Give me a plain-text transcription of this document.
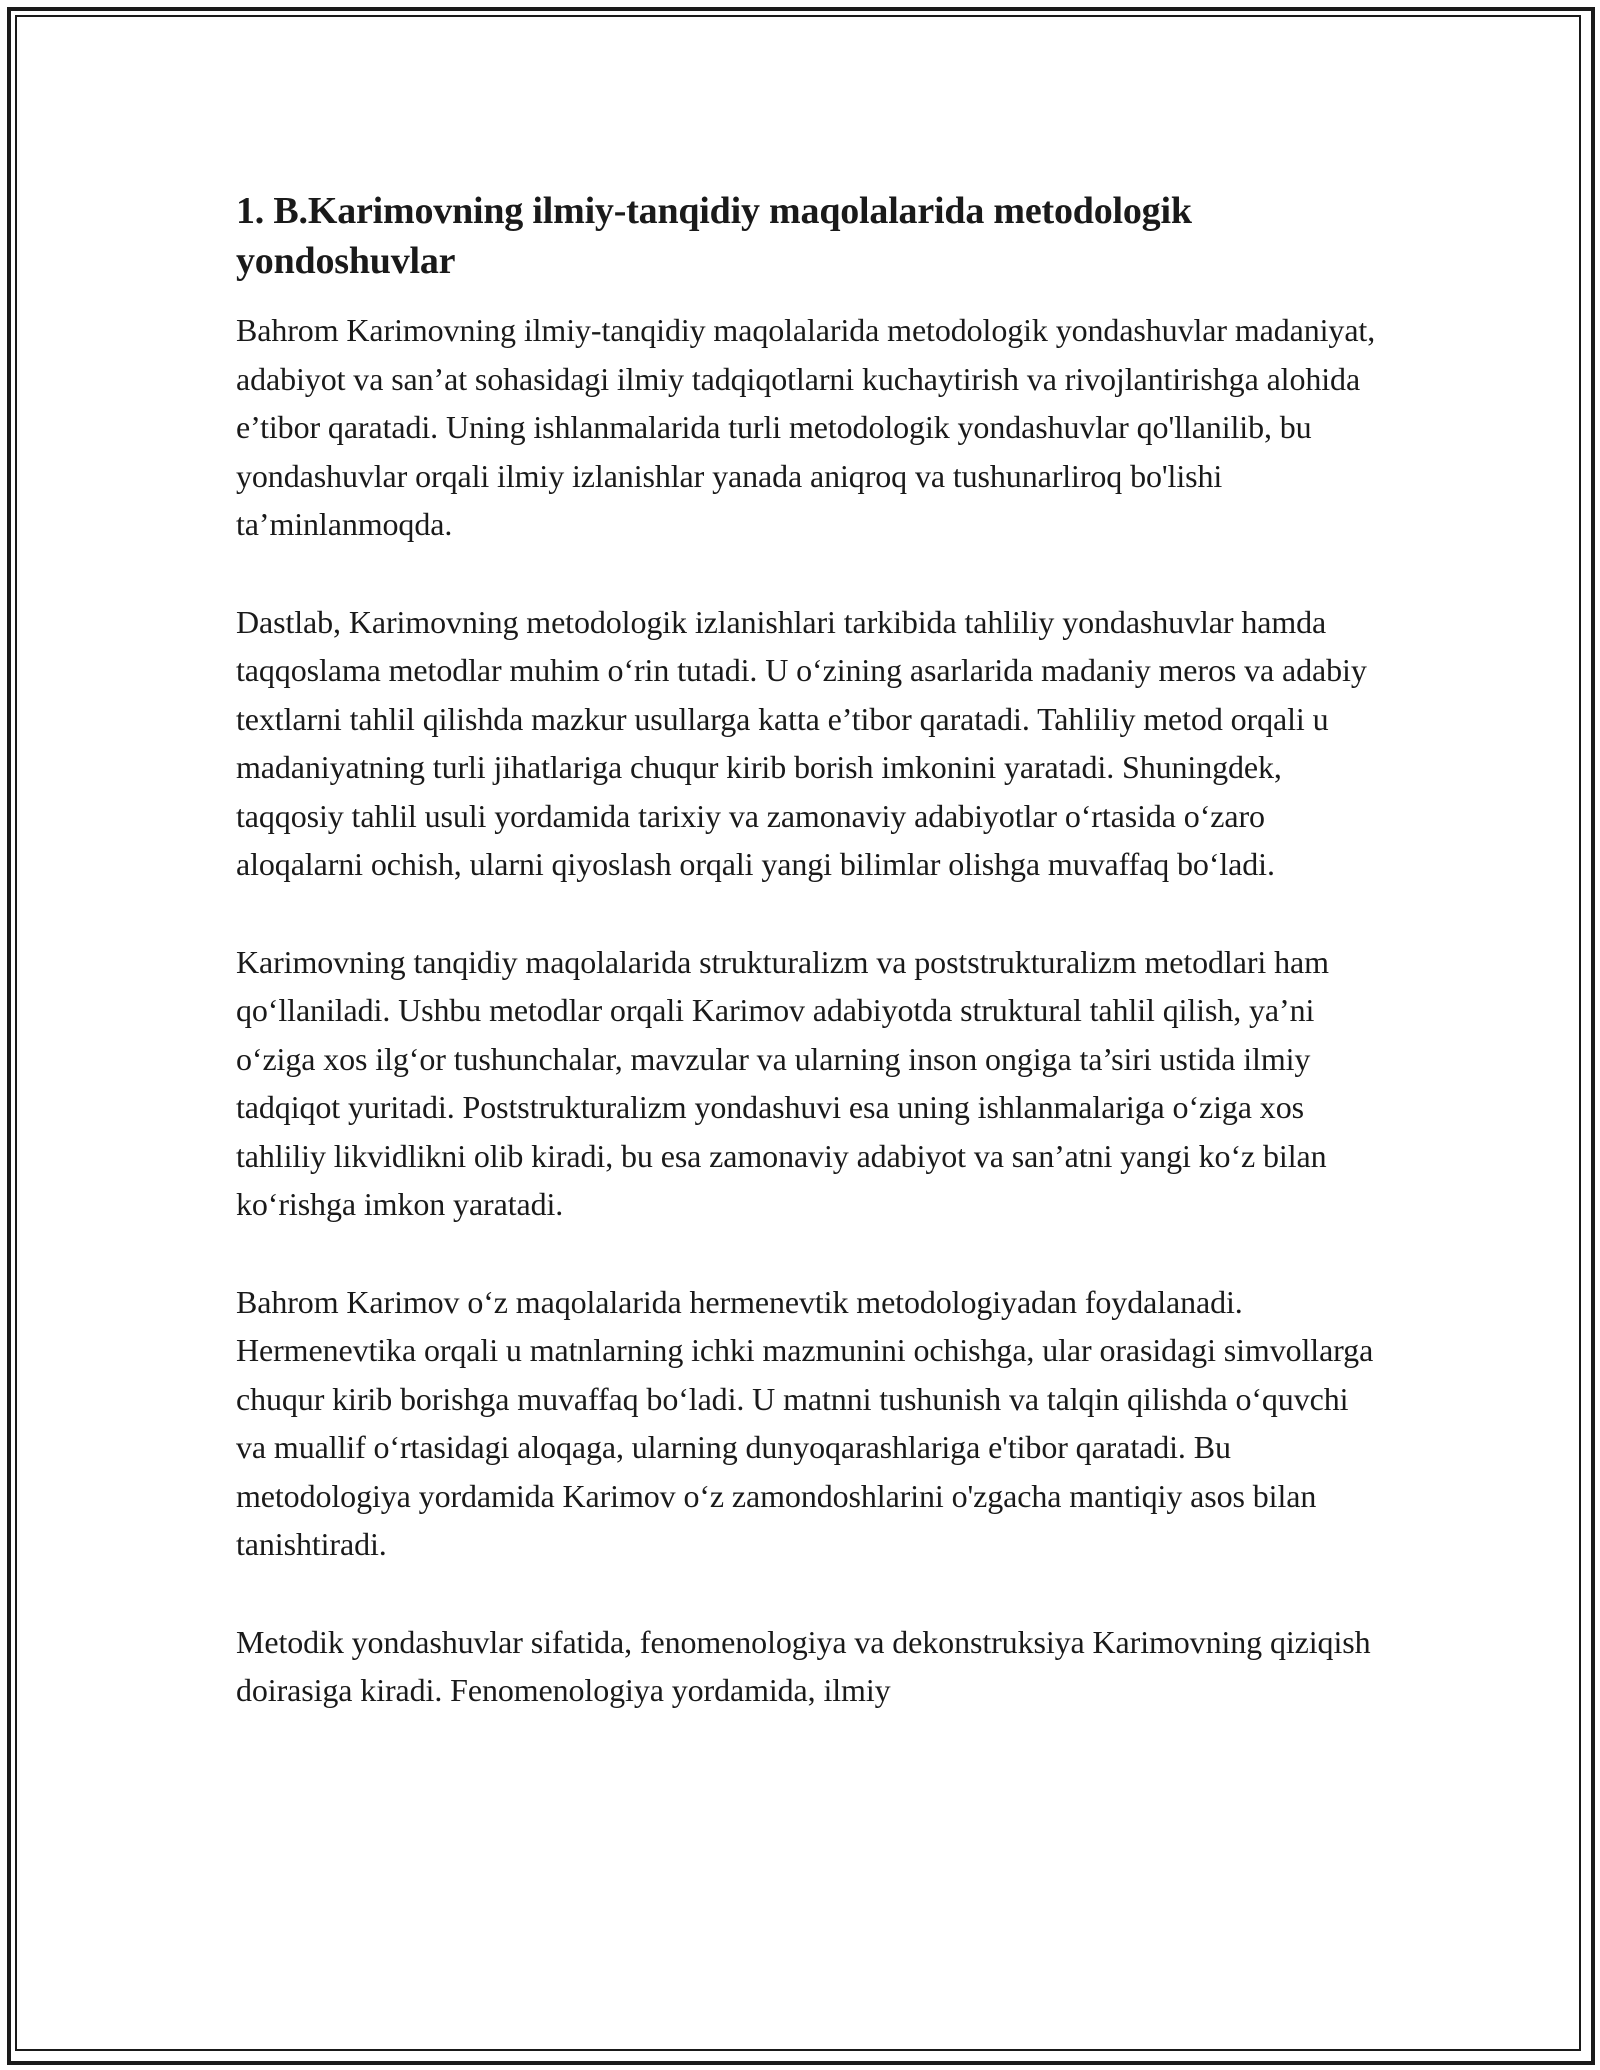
1. B.Karimovning ilmiy-tanqidiy maqolalarida metodologik yondoshuvlar

Bahrom Karimovning ilmiy-tanqidiy maqolalarida metodologik yondashuvlar madaniyat, adabiyot va san’at sohasidagi ilmiy tadqiqotlarni kuchaytirish va rivojlantirishga alohida e’tibor qaratadi. Uning ishlanmalarida turli metodologik yondashuvlar qo'llanilib, bu yondashuvlar orqali ilmiy izlanishlar yanada aniqroq va tushunarliroq bo'lishi ta’minlanmoqda.

Dastlab, Karimovning metodologik izlanishlari tarkibida tahliliy yondashuvlar hamda taqqoslama metodlar muhim o‘rin tutadi. U o‘zining asarlarida madaniy meros va adabiy textlarni tahlil qilishda mazkur usullarga katta e’tibor qaratadi. Tahliliy metod orqali u madaniyatning turli jihatlariga chuqur kirib borish imkonini yaratadi. Shuningdek, taqqosiy tahlil usuli yordamida tarixiy va zamonaviy adabiyotlar o‘rtasida o‘zaro aloqalarni ochish, ularni qiyoslash orqali yangi bilimlar olishga muvaffaq bo‘ladi.

Karimovning tanqidiy maqolalarida strukturalizm va poststrukturalizm metodlari ham qo‘llaniladi. Ushbu metodlar orqali Karimov adabiyotda struktural tahlil qilish, ya’ni o‘ziga xos ilg‘or tushunchalar, mavzular va ularning inson ongiga ta’siri ustida ilmiy tadqiqot yuritadi. Poststrukturalizm yondashuvi esa uning ishlanmalariga o‘ziga xos tahliliy likvidlikni olib kiradi, bu esa zamonaviy adabiyot va san’atni yangi ko‘z bilan ko‘rishga imkon yaratadi.

Bahrom Karimov o‘z maqolalarida hermenevtik metodologiyadan foydalanadi. Hermenevtika orqali u matnlarning ichki mazmunini ochishga, ular orasidagi simvollarga chuqur kirib borishga muvaffaq bo‘ladi. U matnni tushunish va talqin qilishda o‘quvchi va muallif o‘rtasidagi aloqaga, ularning dunyoqarashlariga e'tibor qaratadi. Bu metodologiya yordamida Karimov o‘z zamondoshlarini o'zgacha mantiqiy asos bilan tanishtiradi.

Metodik yondashuvlar sifatida, fenomenologiya va dekonstruksiya Karimovning qiziqish doirasiga kiradi. Fenomenologiya yordamida, ilmiy
